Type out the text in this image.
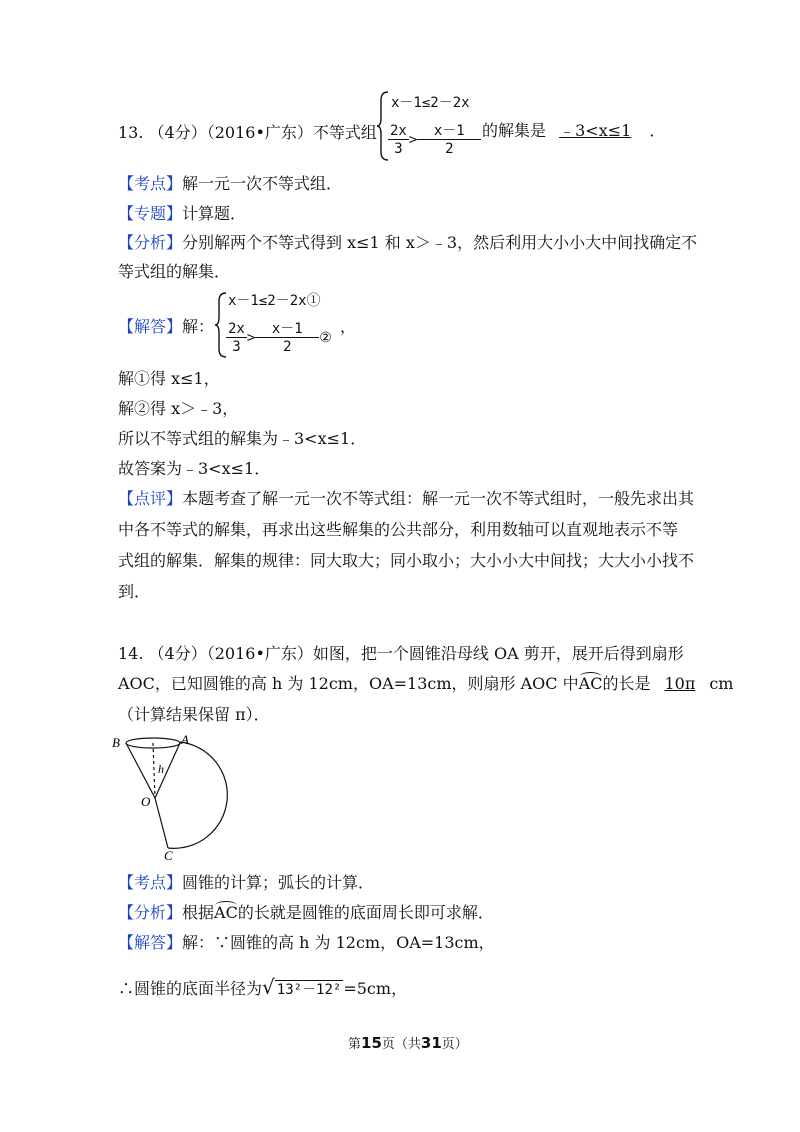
13. （4分）（2016•广东）不等式组
x－1≤2－2x
$\frac{2x}{3} > \frac{x-1}{2}$ 的解集是 ﹣3<x≤1 ．
【考点】解一元一次不等式组．
【专题】计算题．
【分析】分别解两个不等式得到 x≤1 和 x＞﹣3，然后利用大小小大中间找确定不
等式组的解集．
【解答】解：
x－1≤2－2x①
$\frac{2x}{3} > \frac{x-1}{2}$ ②
，
解①得 x≤1，
解②得 x＞﹣3，
所以不等式组的解集为﹣3<x≤1．
故答案为﹣3<x≤1．
【点评】本题考查了解一元一次不等式组：解一元一次不等式组时，一般先求出其
中各不等式的解集，再求出这些解集的公共部分，利用数轴可以直观地表示不等
式组的解集．解集的规律：同大取大；同小取小；大小小大中间找；大大小小找不
到．
14. （4分）（2016•广东）如图，把一个圆锥沿母线 OA 剪开，展开后得到扇形
AOC，已知圆锥的高 h 为 12cm，OA=13cm，则扇形 AOC 中AC的长是 10π cm
（计算结果保留 π）．
B	A
h
O
C
【考点】圆锥的计算；弧长的计算．
【分析】根据AC的长就是圆锥的底面周长即可求解．
【解答】解：∵圆锥的高 h 为 12cm，OA=13cm，
∴圆锥的底面半径为√ 13²－12² =5cm，
第15页（共31页）
